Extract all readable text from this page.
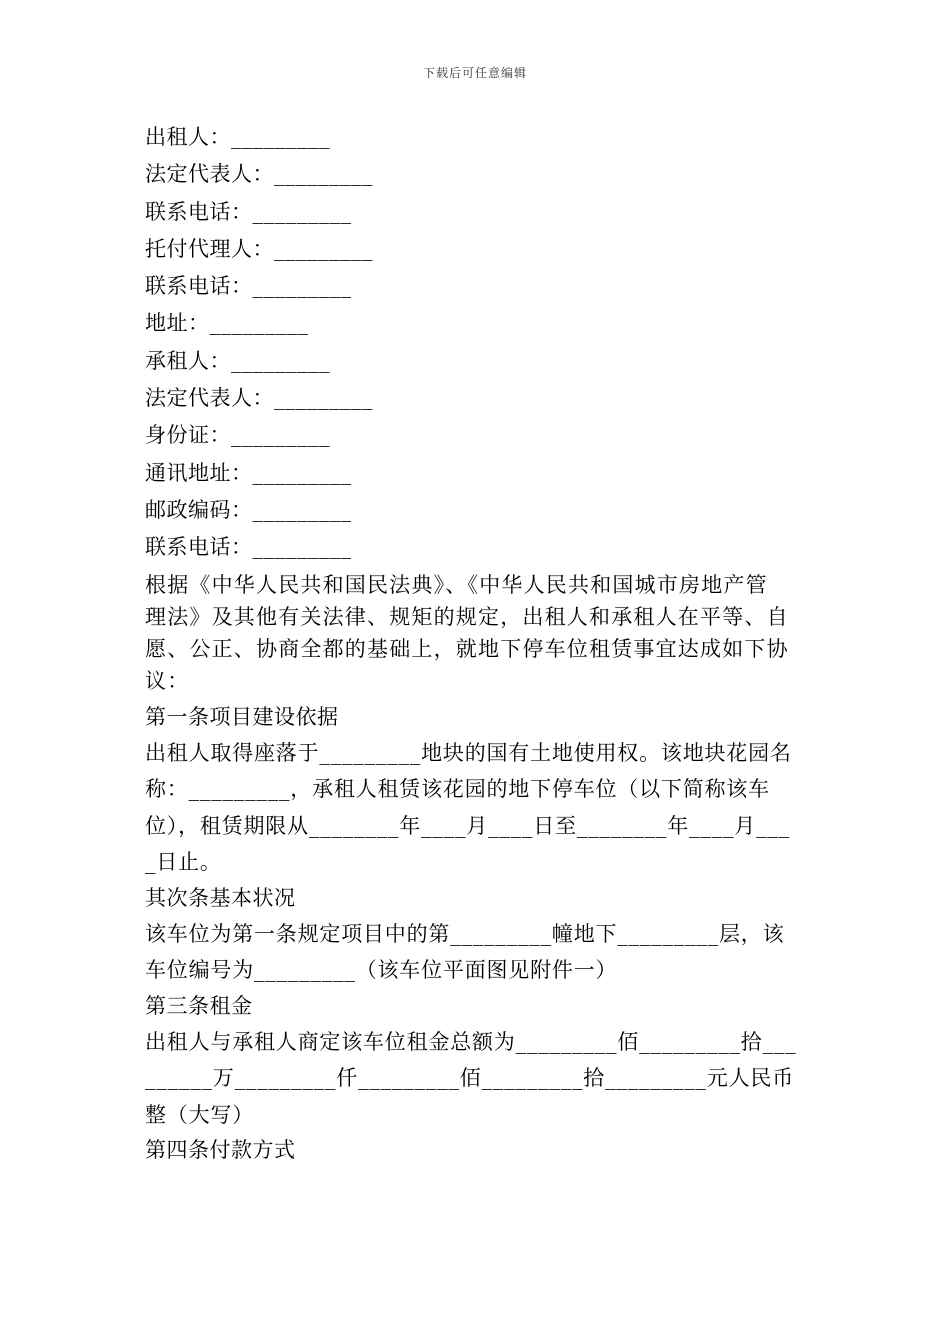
下载后可任意编辑
出租人：_________
法定代表人：_________
联系电话：_________
托付代理人：_________
联系电话：_________
地址：_________
承租人：_________
法定代表人：_________
身份证：_________
通讯地址：_________
邮政编码：_________
联系电话：_________
根据《中华人民共和国民法典》、《中华人民共和国城市房地产管
理法》及其他有关法律、规矩的规定，出租人和承租人在平等、自
愿、公正、协商全都的基础上，就地下停车位租赁事宜达成如下协
议：
第一条项目建设依据
出租人取得座落于_________地块的国有土地使用权。该地块花园名
称：_________，承租人租赁该花园的地下停车位（以下简称该车
位），租赁期限从________年____月____日至________年____月___
_日止。
其次条基本状况
该车位为第一条规定项目中的第_________幢地下_________层，该
车位编号为_________（该车位平面图见附件一）
第三条租金
出租人与承租人商定该车位租金总额为_________佰_________拾___
______万_________仟_________佰_________拾_________元人民币
整（大写）
第四条付款方式
